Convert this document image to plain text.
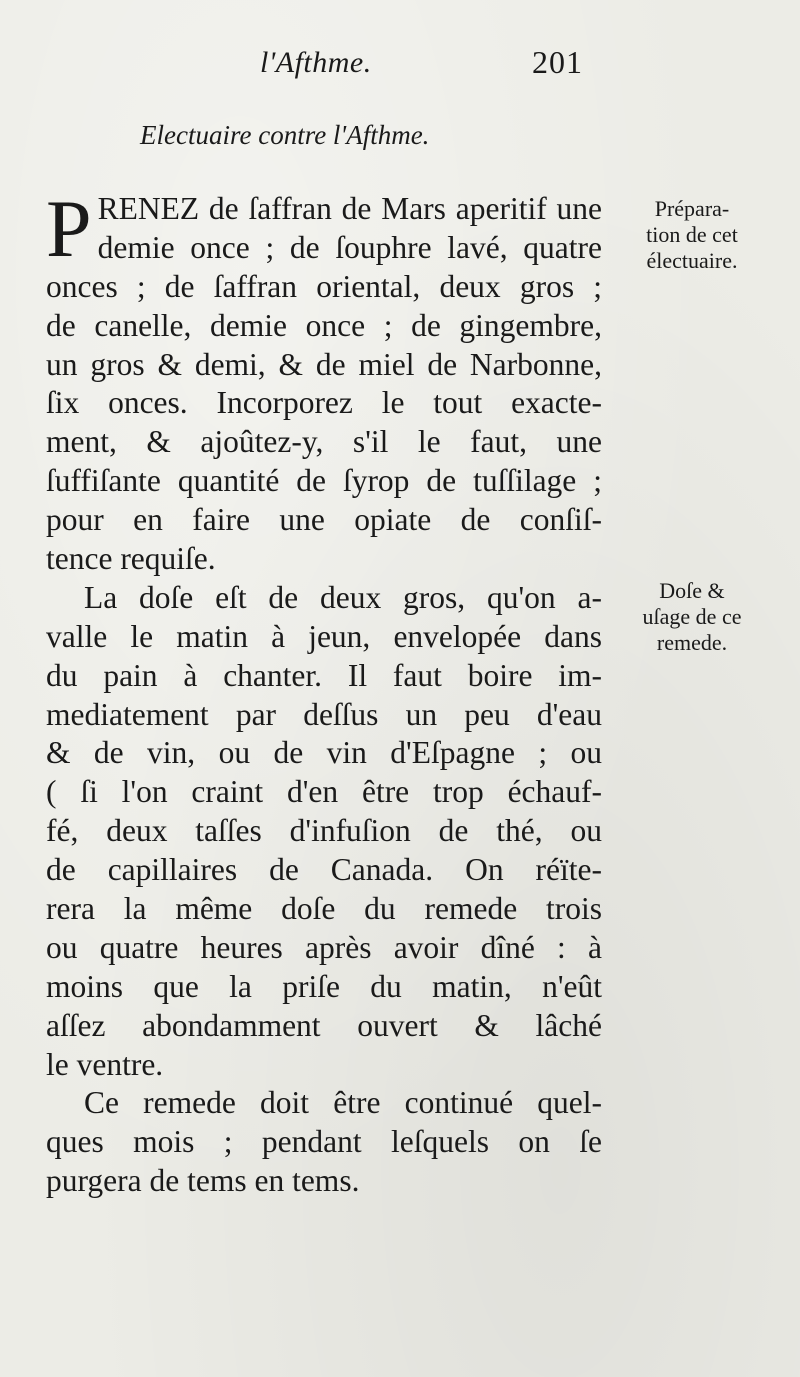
l'Afthme.	201
Electuaire contre l'Afthme.
P RENEZ de ſaffran de Mars aperitif une
demie once ; de ſouphre lavé, quatre
onces ; de ſaffran oriental, deux gros ;
de canelle, demie once ; de gingembre,
un gros & demi, & de miel de Narbonne,
ſix onces. Incorporez le tout exacte-
ment, & ajoûtez-y, s'il le faut, une
ſuffiſante quantité de ſyrop de tuſſilage ;
pour en faire une opiate de conſiſ-
tence requiſe.
La doſe eſt de deux gros, qu'on a-
valle le matin à jeun, envelopée dans
du pain à chanter. Il faut boire im-
mediatement par deſſus un peu d'eau
& de vin, ou de vin d'Eſpagne ; ou
( ſi l'on craint d'en être trop échauf-
fé, deux taſſes d'infuſion de thé, ou
de capillaires de Canada. On réïte-
rera la même doſe du remede trois
ou quatre heures après avoir dîné : à
moins que la priſe du matin, n'eût
aſſez abondamment ouvert & lâché
le ventre.
Ce remede doit être continué quel-
ques mois ; pendant leſquels on ſe
purgera de tems en tems.
Prépara-
tion de cet
électuaire.
Doſe &
uſage de ce
remede.
